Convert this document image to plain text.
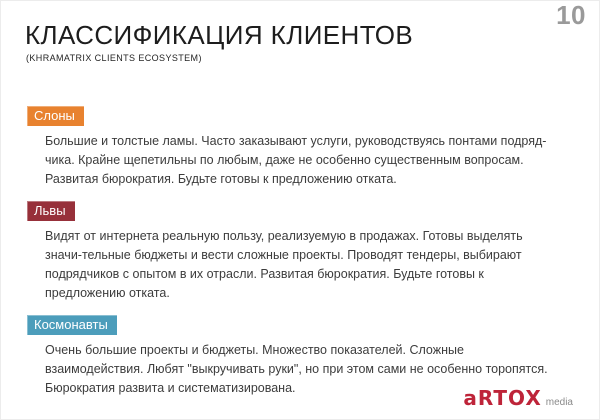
10
КЛАССИФИКАЦИЯ КЛИЕНТОВ
(KHRAMATRIX CLIENTS ECOSYSTEM)
Слоны

Большие и толстые ламы. Часто заказывают услуги, руководствуясь понтами подряд-чика. Крайне щепетильны по любым, даже не особенно существенным вопросам. Развитая бюрократия. Будьте готовы к предложению отката.

Львы

Видят от интернета реальную пользу, реализуемую в продажах. Готовы выделять значи-тельные бюджеты и вести сложные проекты. Проводят тендеры, выбирают подрядчиков с опытом в их отрасли. Развитая бюрократия. Будьте готовы к предложению отката.

Космонавты

Очень большие проекты и бюджеты. Множество показателей. Сложные взаимодействия. Любят "выкручивать руки", но при этом сами не особенно торопятся. Бюрократия развита и систематизирована.	aRTOX media
